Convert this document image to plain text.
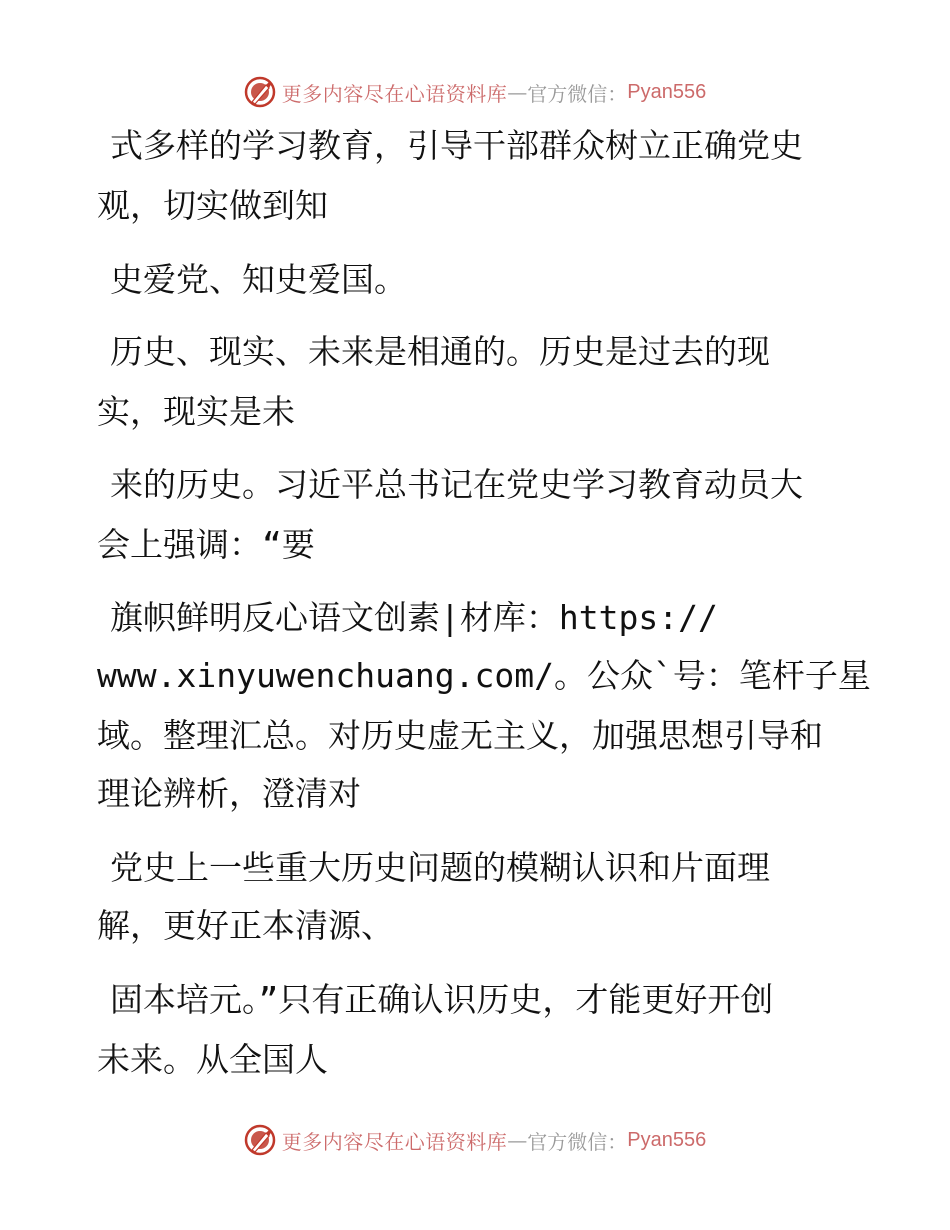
更多内容尽在心语资料库 — 官方微信： Pyan556
式多样的学习教育，引导干部群众树立正确党史
观，切实做到知
史爱党、知史爱国。
历史、现实、未来是相通的。历史是过去的现
实，现实是未
来的历史。习近平总书记在党史学习教育动员大
会上强调：“要
旗帜鲜明反心语文创素|材库：https://
www.xinyuwenchuang.com/。公众`号：笔杆子星
域。整理汇总。对历史虚无主义，加强思想引导和
理论辨析，澄清对
党史上一些重大历史问题的模糊认识和片面理
解，更好正本清源、
固本培元。”只有正确认识历史，才能更好开创
未来。从全国人
更多内容尽在心语资料库 — 官方微信： Pyan556
